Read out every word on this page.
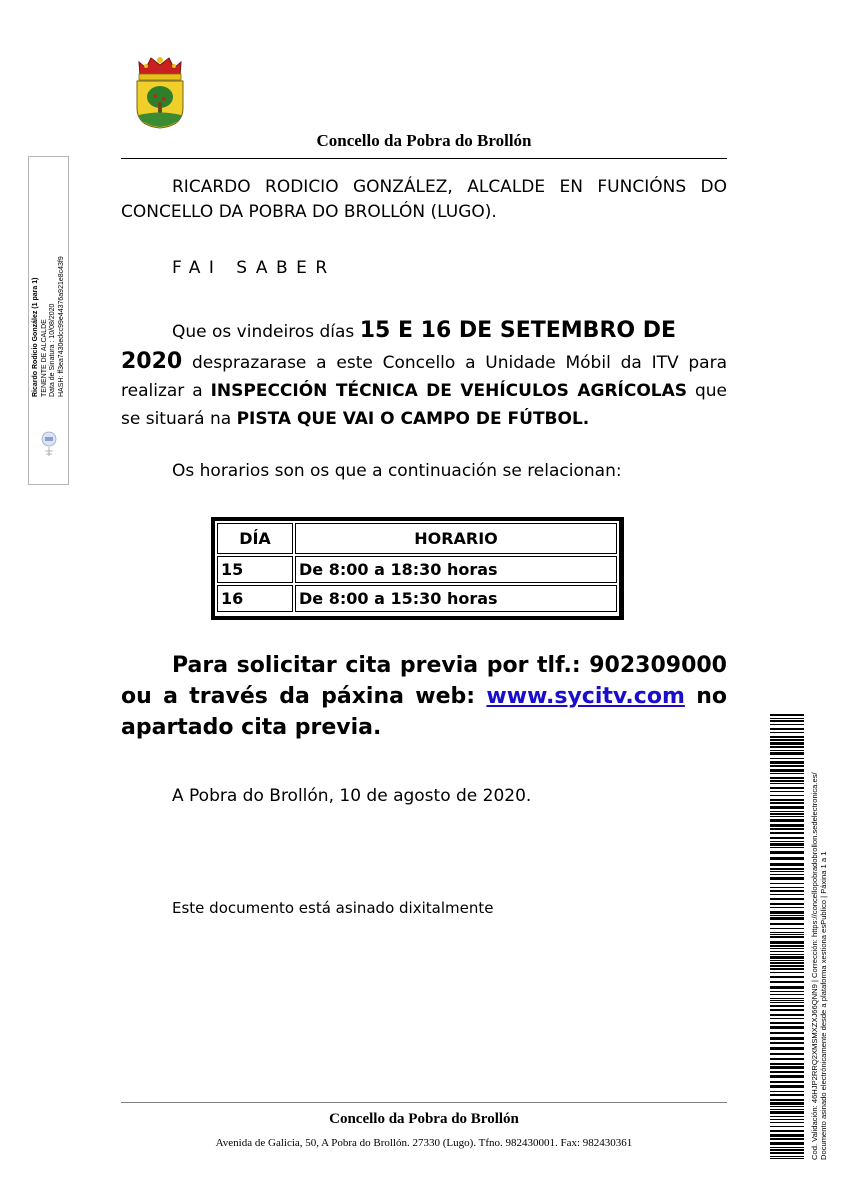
Concello da Pobra do Brollón
Ricardo Rodicio González (1 para 1) TENENTE DE ALCALDE Data de Sinatura : 10/08/2020 HASH: ff3ea7430edcc99e44376a921e8c43f9
RICARDO RODICIO GONZÁLEZ, ALCALDE EN FUNCIÓNS DO CONCELLO DA POBRA DO BROLLÓN (LUGO).
FAI SABER
Que os vindeiros días 15 E 16 DE SETEMBRO DE
2020 desprazarase a este Concello a Unidade Móbil da ITV para realizar a INSPECCIÓN TÉCNICA DE VEHÍCULOS AGRÍCOLAS que se situará na PISTA QUE VAI O CAMPO DE FÚTBOL.
Os horarios son os que a continuación se relacionan:
DÍA	HORARIO
15	De 8:00 a 18:30 horas
16	De 8:00 a 15:30 horas
Para solicitar cita previa por tlf.: 902309000 ou a través da páxina web: www.sycitv.com no apartado cita previa.
A Pobra do Brollón, 10 de agosto de 2020.
Este documento está asinado dixitalmente
Concello da Pobra do Brollón
Avenida de Galicia, 50, A Pobra do Brollón. 27330 (Lugo). Tfno. 982430001. Fax: 982430361	Cod. Validación: 46HJP2RRQ2XMSMXZXJ66QNN9 | Corrección: https://concellopobradobrollon.sedelectronica.es/ Documento asinado electrónicamente desde a plataforma xestiona esPublico | Páxina 1 a 1
